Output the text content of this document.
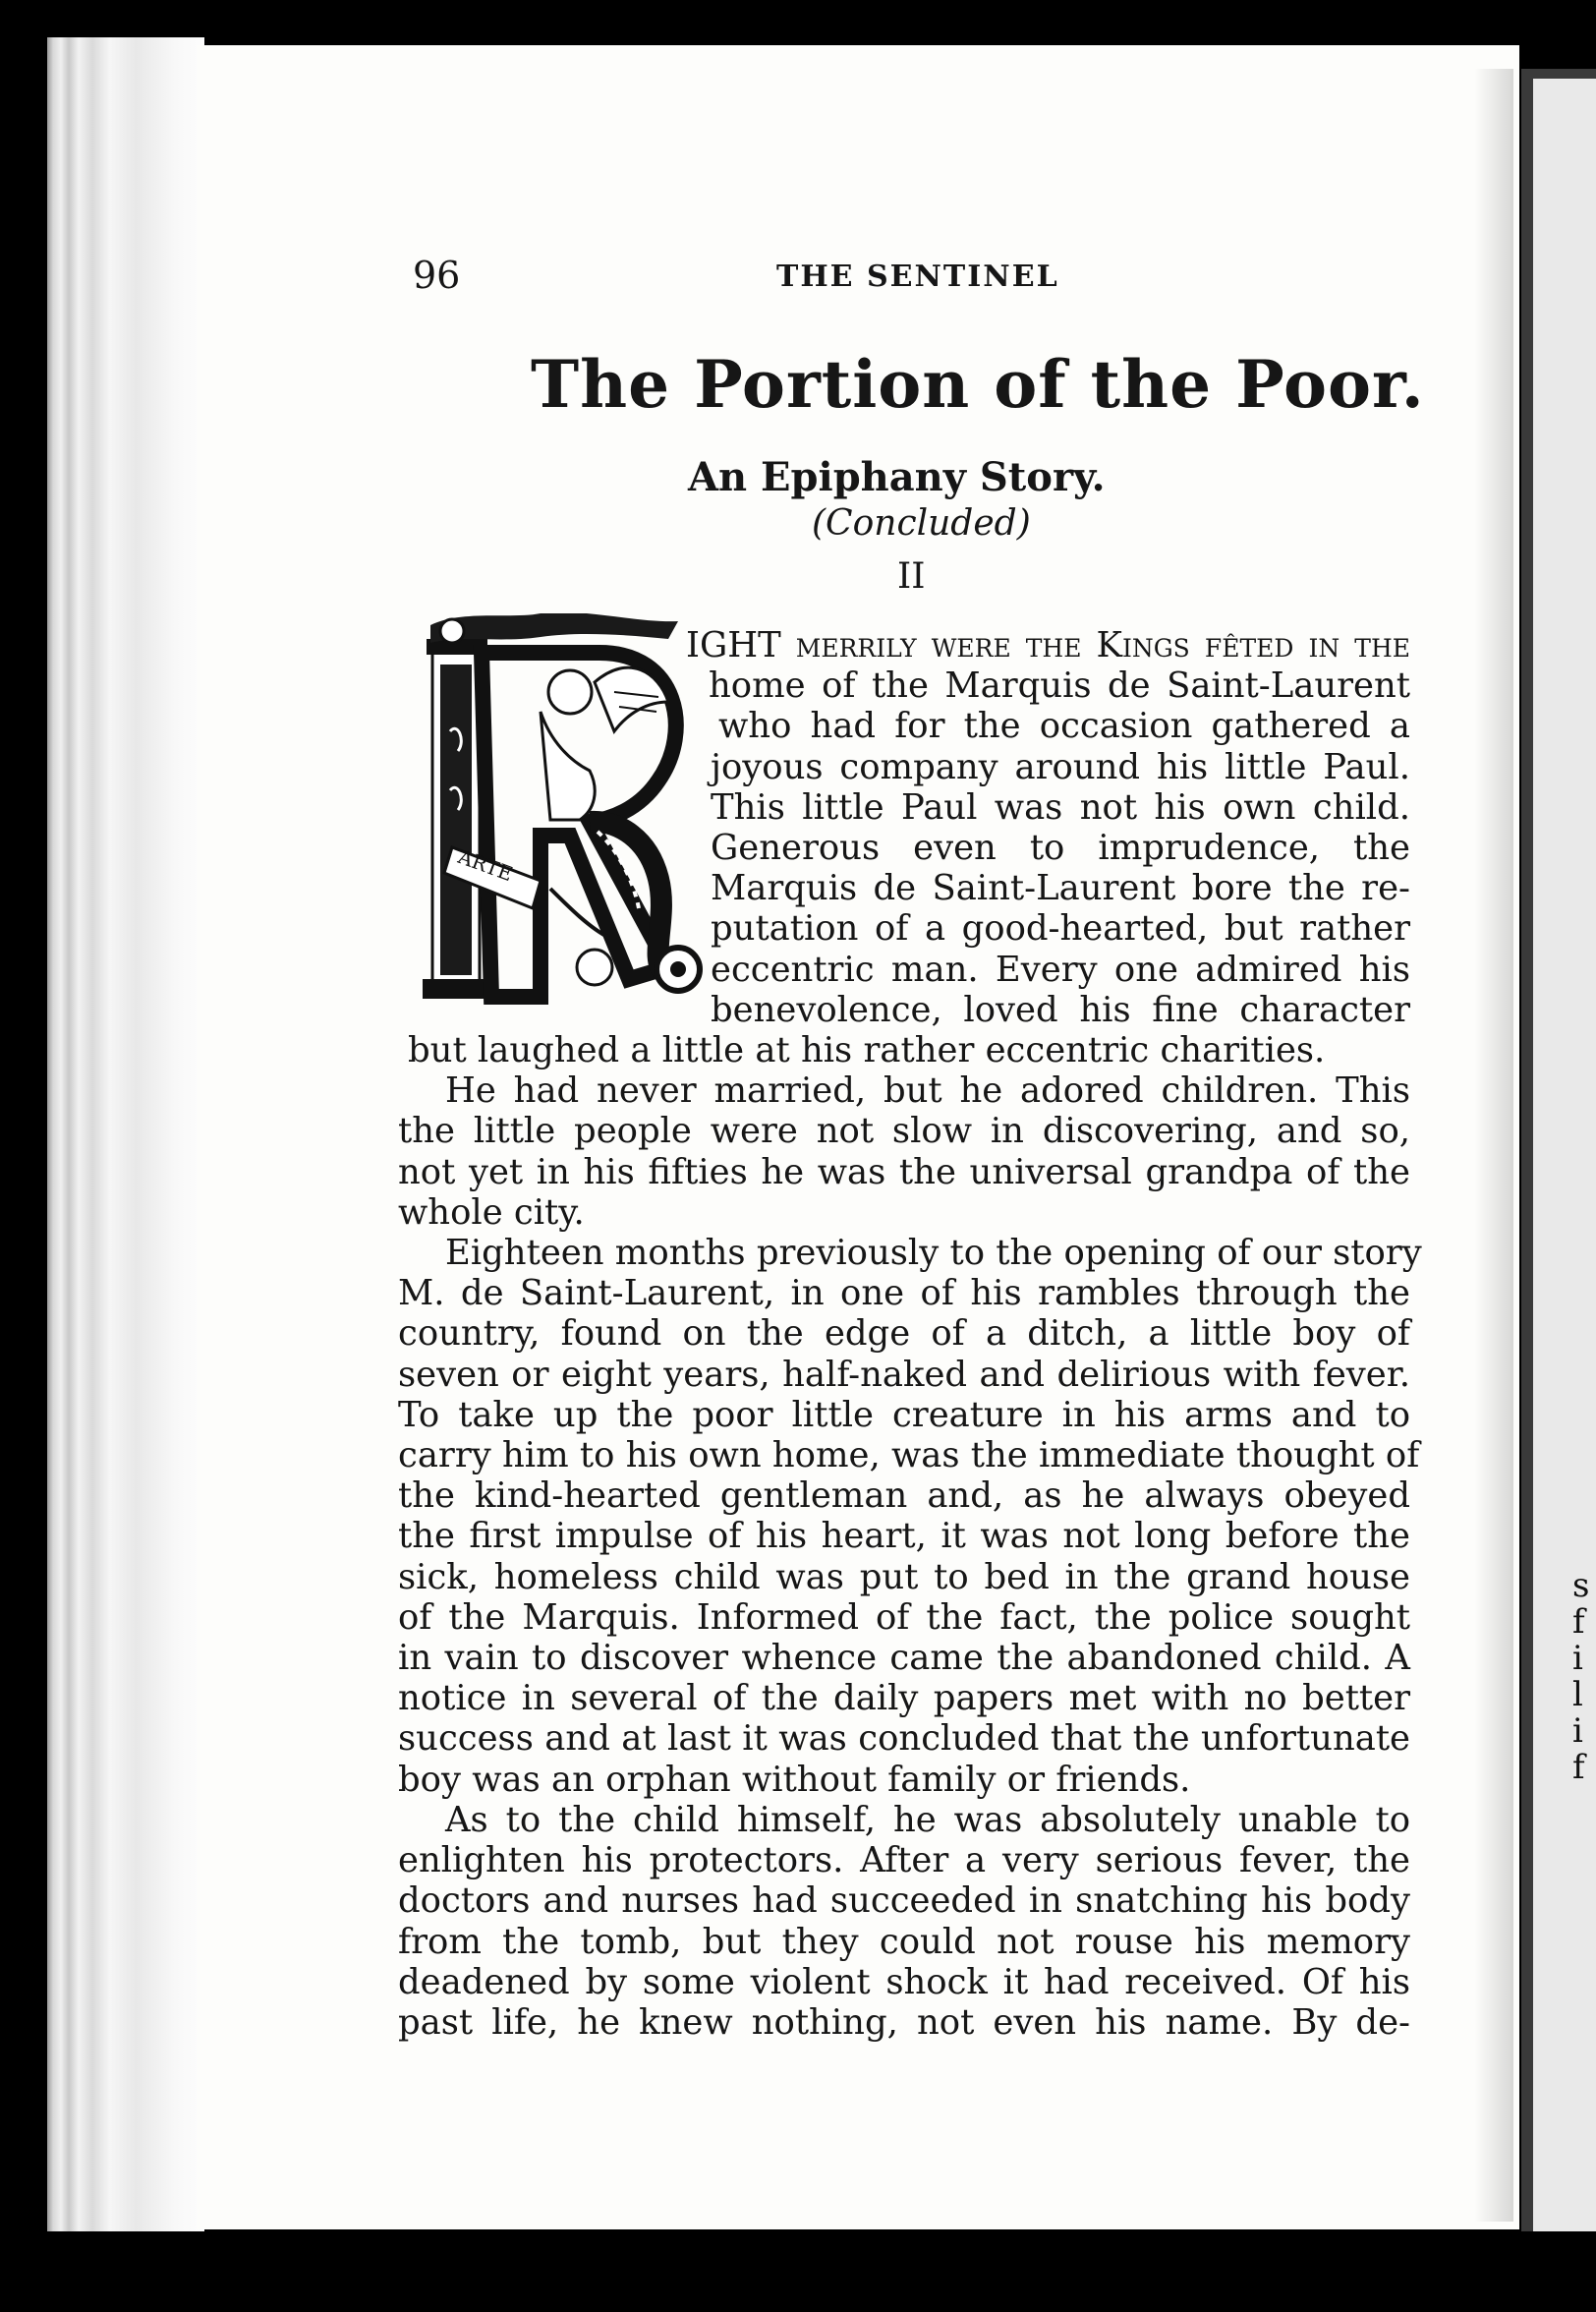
s
f
i
l
i
f
96	THE SENTINEL
The Portion of the Poor.
An Epiphany Story.
(Concluded)
II
ARTE

IGHT merrily were the Kings fêted in the
home of the Marquis de Saint-Laurent
who had for the occasion gathered a
joyous company around his little Paul.
This little Paul was not his own child.
Generous even to imprudence, the
Marquis de Saint-Laurent bore the re-
putation of a good-hearted, but rather
eccentric man. Every one admired his
benevolence, loved his fine character
but laughed a little at his rather eccentric charities.

He had never married, but he adored children. This
the little people were not slow in discovering, and so,
not yet in his fifties he was the universal grandpa of the
whole city.

Eighteen months previously to the opening of our story
M. de Saint-Laurent, in one of his rambles through the
country, found on the edge of a ditch, a little boy of
seven or eight years, half-naked and delirious with fever.
To take up the poor little creature in his arms and to
carry him to his own home, was the immediate thought of
the kind-hearted gentleman and, as he always obeyed
the first impulse of his heart, it was not long before the
sick, homeless child was put to bed in the grand house
of the Marquis. Informed of the fact, the police sought
in vain to discover whence came the abandoned child. A
notice in several of the daily papers met with no better
success and at last it was concluded that the unfortunate
boy was an orphan without family or friends.

As to the child himself, he was absolutely unable to
enlighten his protectors. After a very serious fever, the
doctors and nurses had succeeded in snatching his body
from the tomb, but they could not rouse his memory
deadened by some violent shock it had received. Of his
past life, he knew nothing, not even his name. By de-
